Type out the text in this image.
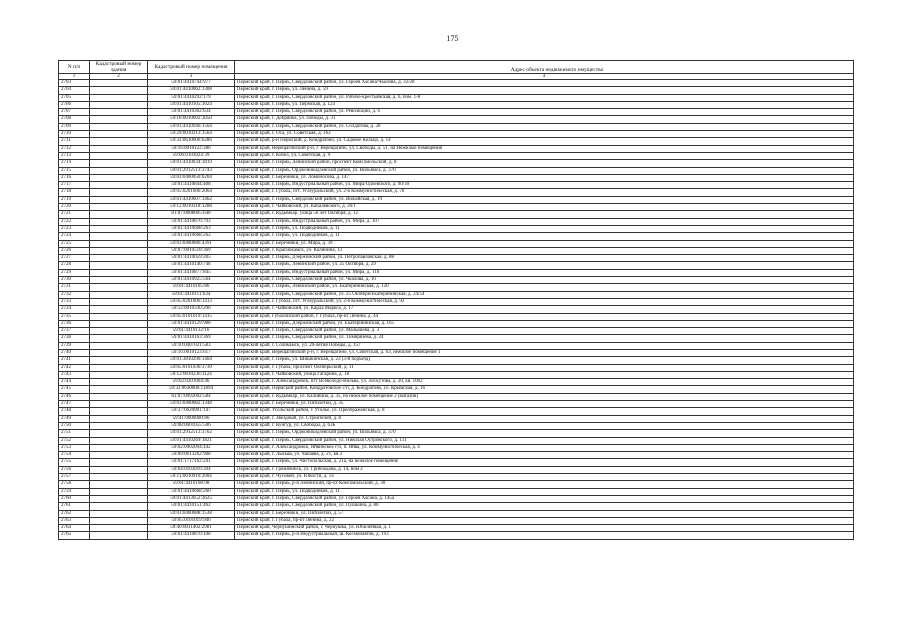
175
N п/п	Кадастровый номер здания	Кадастровый номер помещения	Адрес объекта недвижимого имущества
1	2	3	4
2703		59:01:4410744:977	Пермский край, г. Пермь, Свердловский район, ул. Героев Хасана/Чкалова, д. 32/28
2704		59:01:4410062:1308	Пермский край, г. Пермь, ул. Ленина, д. 59
2705		59:01:4410292:179	Пермский край, г. Пермь, Свердловский район, ул. Рабоче-крестьянская, д. 6, пом. 1-8
2706		59:01:4410105:3024	Пермский край, г. Пермь, ул. Пермская, д. 124
2707		59:01:4410302:634	Пермский край, г. Пермь, Свердловский район, ул. Революции, д. 6
2708		59:18:0010602:3050	Пермский край, г. Добрянка, ул. Победы, д. 31
2709		59:01:4410946:1564	Пермский край, г. Пермь, Свердловский район, ул. Солдатова, д. 28
2710		59:29:0010213:1564	Пермский край, г. Оса, ул. Советская, д. 162
2711		59:32:0630006:6286	Пермский край, р-н Пермский, д. Кондратово, ул. Садовое Кольцо, д. 14
2712		59:16:0010122:386	Пермский край, Верещагинский р-н, г. Верещагино, ул. Свободы, д. 51, на Нежилые помещения
2713		59:06:0103024:39	Пермский край, г. Кизел, ул. Советская, д. 9
2714		59:01:4410034:1819	Пермский край, г. Пермь, Ленинский район, проспект Комсомольский, д. 8
2715		59:01:2912513:3743	Пермский край, г. Пермь, Орджоникидзевский район, ул. Вильямса, д. 370
2716		59:03:0400050:6204	Пермский край, г. Березники, ул. Ломоносова, д. 147
2717		59:01:4410844:408	Пермский край, г. Пермь, Индустриальный район, ул. Мира/Одоевского, д. 90/30
2718		59:05:0201006:2064	Пермский край, г. Губаха, пгт. Углеуральский, ул. 2-я Коммунистическая, д. 78
2719		59:01:4410607:1462	Пермский край, г. Пермь, Свердловский район, ул. Вижайская, д. 19
2720		59:12:0010318:1288	Пермский край, г. Чайковский, ул. Кабалевского, д. 26/1
2721		81:07:0008005:648	Пермский край, г. Кудымкар, улица 50 лет Октября, д. 12
2722		59:01:4410876:793	Пермский край, г. Пермь, Индустриальный район, ул. Мира, д. 107
2723		59:01:4410668:263	Пермский край, г. Пермь, ул. Подводников, д. 11
2724		59:01:4410668:262	Пермский край, г. Пермь, ул. Подводников, д. 11
2725		59:03:0400086:4391	Пермский край, г. Березники, ул. Мира, д. 39
2726		59:07:0010518:369	Пермский край, г. Краснокамск, ул. Калинина, 13
2727		59:01:4410059:205	Пермский край, г. Пермь, Дзержинский район, ул. Петропавловская, д. 88
2728		59:01:4410140:748	Пермский край, г. Пермь, Ленинский район, ул. 25 Октября, д. 29
2729		59:01:4410877:845	Пермский край, г. Пермь, Индустриальный район, ул. Мира, д. 110
2730		59:01:4410925:564	Пермский край, г. Пермь, Свердловский район, ул. Чкалова, д. 10
2731		59:01:4410105:86	Пермский край, г. Пермь, Ленинский район, ул. Екатерининская, д. 120
2732		59:01:4410111:634	Пермский край, г. Пермь, Свердловский район, ул. 25 Октября/Екатерининская, д. 24/54
2733		59:05:0201006:1413	Пермский край, г. Губаха, пгт. Углеуральский, ул. 2-я Коммунистическая, д. 92
2734		59:12:0010330:296	Пермский край, г. Чайковский, ул. Карла Маркса, д. 17
2735		59:05:0101019:1415	Пермский край, Губахинский район, г. Губаха, пр-кт Ленина, д. 44
2736		59:01:4410129:988	Пермский край, г. Пермь, Дзержинский район, ул. Екатерининская, д. 165
2737		59:01:4410132:16	Пермский край, г. Пермь, Свердловский район, ул. Малышева, д. 3
2738		59:01:4410163:369	Пермский край, г. Пермь, Свердловский район, ул. Тимирязева, д. 24
2739		59:10:0407021:583	Пермский край, г. Соликамск, ул. 20-летия Победы, д. 157
2740		59:16:0010123:617	Пермский край, Верещагинский р-н, г. Верещагино, ул. Советская, д. 63, нежилое помещение 1
2741		59:01:3810290:1404	Пермский край, г. Пермь, ул. Шишкинская, д. 23 (3-й подъезд)
2742		59:05:0101036:3730	Пермский край, г. Губаха, проспект Октябрьский, д. 11
2743		59:12:0010236:1124	Пермский край, г. Чайковский, улица Гагарина, д. 18
2744		59:02:0201004:46	Пермский край, г. Александровск, пгт Всеволодо-Вильва, ул. Лоскутова, д. 20, кв. 1002
2745		59:32:0630006:11894	Пермский край, Пермский район, Кондратовское с/п, д. Кондратово, ул. Крымская, д. 16
2746		81:07:0092002:584	Пермский край, г. Кудымкар, ул. Калинина, д. 35, на нежилое помещение 2 (магазин)
2747		59:03:0400082:1348	Пермский край, г. Березники, ул. Пятилетки, д. 35
2748		59:37:0620901:147	Пермский край, Усольский район, г. Усолье, ул. Преображенская, д. 8
2749		59:41:0000000:86	Пермский край, г. Звездный, ул. Строителей, д. 8
2750		59:08:0601055:506	Пермский край, г. Кунгур, ул. Свободы, д. 63Б
2751		59:01:2912513:3762	Пермский край, г. Пермь, Орджоникидзевский район, ул. Вильямса, д. 370
2752		59:01:4410269:1821	Пермский край, г. Пермь, Свердловский район, ул. Николая Островского, д. 111
2753		59:02:0902094:442	Пермский край, г. Александровск, Яйвинское г/п, п. Яйва, ул. Коммунистическая, д. 4
2754		59:09:0013262:908	Пермский край, г. Лысьва, ул. Чапаева, д. 21, кв 2
2755		59:01:1717162:241	Пермский край, г. Пермь, ул. Чистопольская, д. 21а, на нежилое помещение
2756		59:04:0103010:394	Пермский край, г. Гремячинск, ул. Грибоедова, д. 14, пом 2
2757		59:11:0010910:3904	Пермский край, г. Чусовой, ул. Юности, д. 14
2758		59:01:4410108:98	Пермский край, г. Пермь, р-н Ленинский, пр-кт Комсомольский, д. 30
2759		59:01:4410668:260	Пермский край, г. Пермь, ул. Подводников, д. 11
2760		59:01:4413652:3625	Пермский край, г. Пермь, Свердловский район, ул. Героев Хасана, д. 145а
2761		59:01:4410151:462	Пермский край, г. Пермь, Свердловский район, ул. Пушкина, д. 80
2762		59:03:0400088:1538	Пермский край, г. Березники, ул. Пятилетки, д. 57
2763		59:05:0101019:946	Пермский край, г. Губаха, пр-кт Ленина, д. 22
2764		59:40:0011402:2981	Пермский край, Чернушинский район, г. Чернушка, ул. Юбилейная, д. 1
2765		59:01:4410870:108	Пермский край, г. Пермь, р-н Индустриальный, ш. Космонавтов, д. 193
